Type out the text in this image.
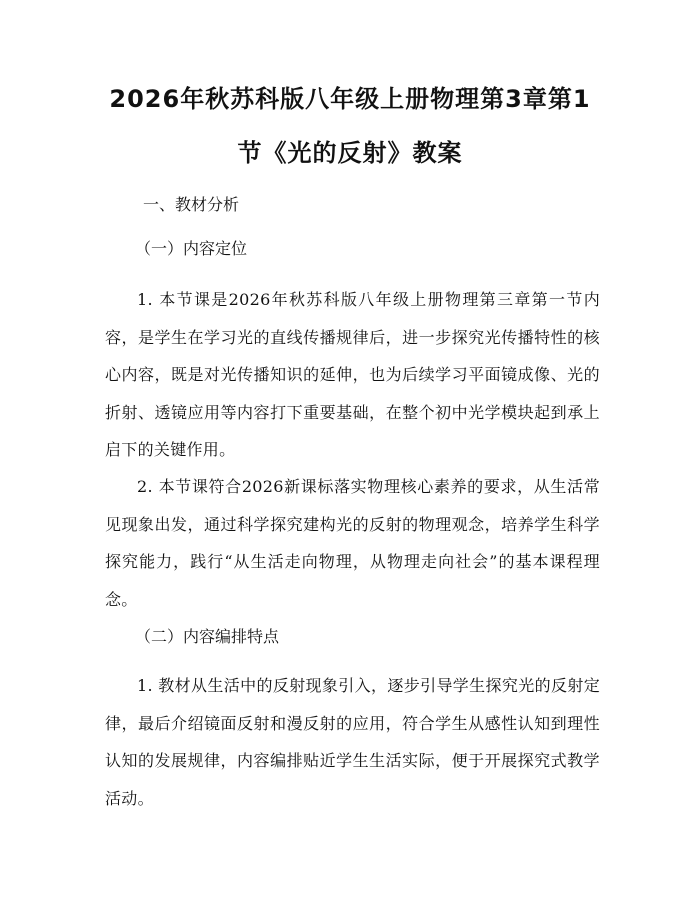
2026年秋苏科版八年级上册物理第3章第1
节《光的反射》教案
一、教材分析
（一）内容定位
1. 本节课是2026年秋苏科版八年级上册物理第三章第一节内容，是学生在学习光的直线传播规律后，进一步探究光传播特性的核心内容，既是对光传播知识的延伸，也为后续学习平面镜成像、光的折射、透镜应用等内容打下重要基础，在整个初中光学模块起到承上启下的关键作用。
2. 本节课符合2026新课标落实物理核心素养的要求，从生活常见现象出发，通过科学探究建构光的反射的物理观念，培养学生科学探究能力，践行“从生活走向物理，从物理走向社会”的基本课程理念。
（二）内容编排特点
1. 教材从生活中的反射现象引入，逐步引导学生探究光的反射定律，最后介绍镜面反射和漫反射的应用，符合学生从感性认知到理性认知的发展规律，内容编排贴近学生生活实际，便于开展探究式教学活动。
